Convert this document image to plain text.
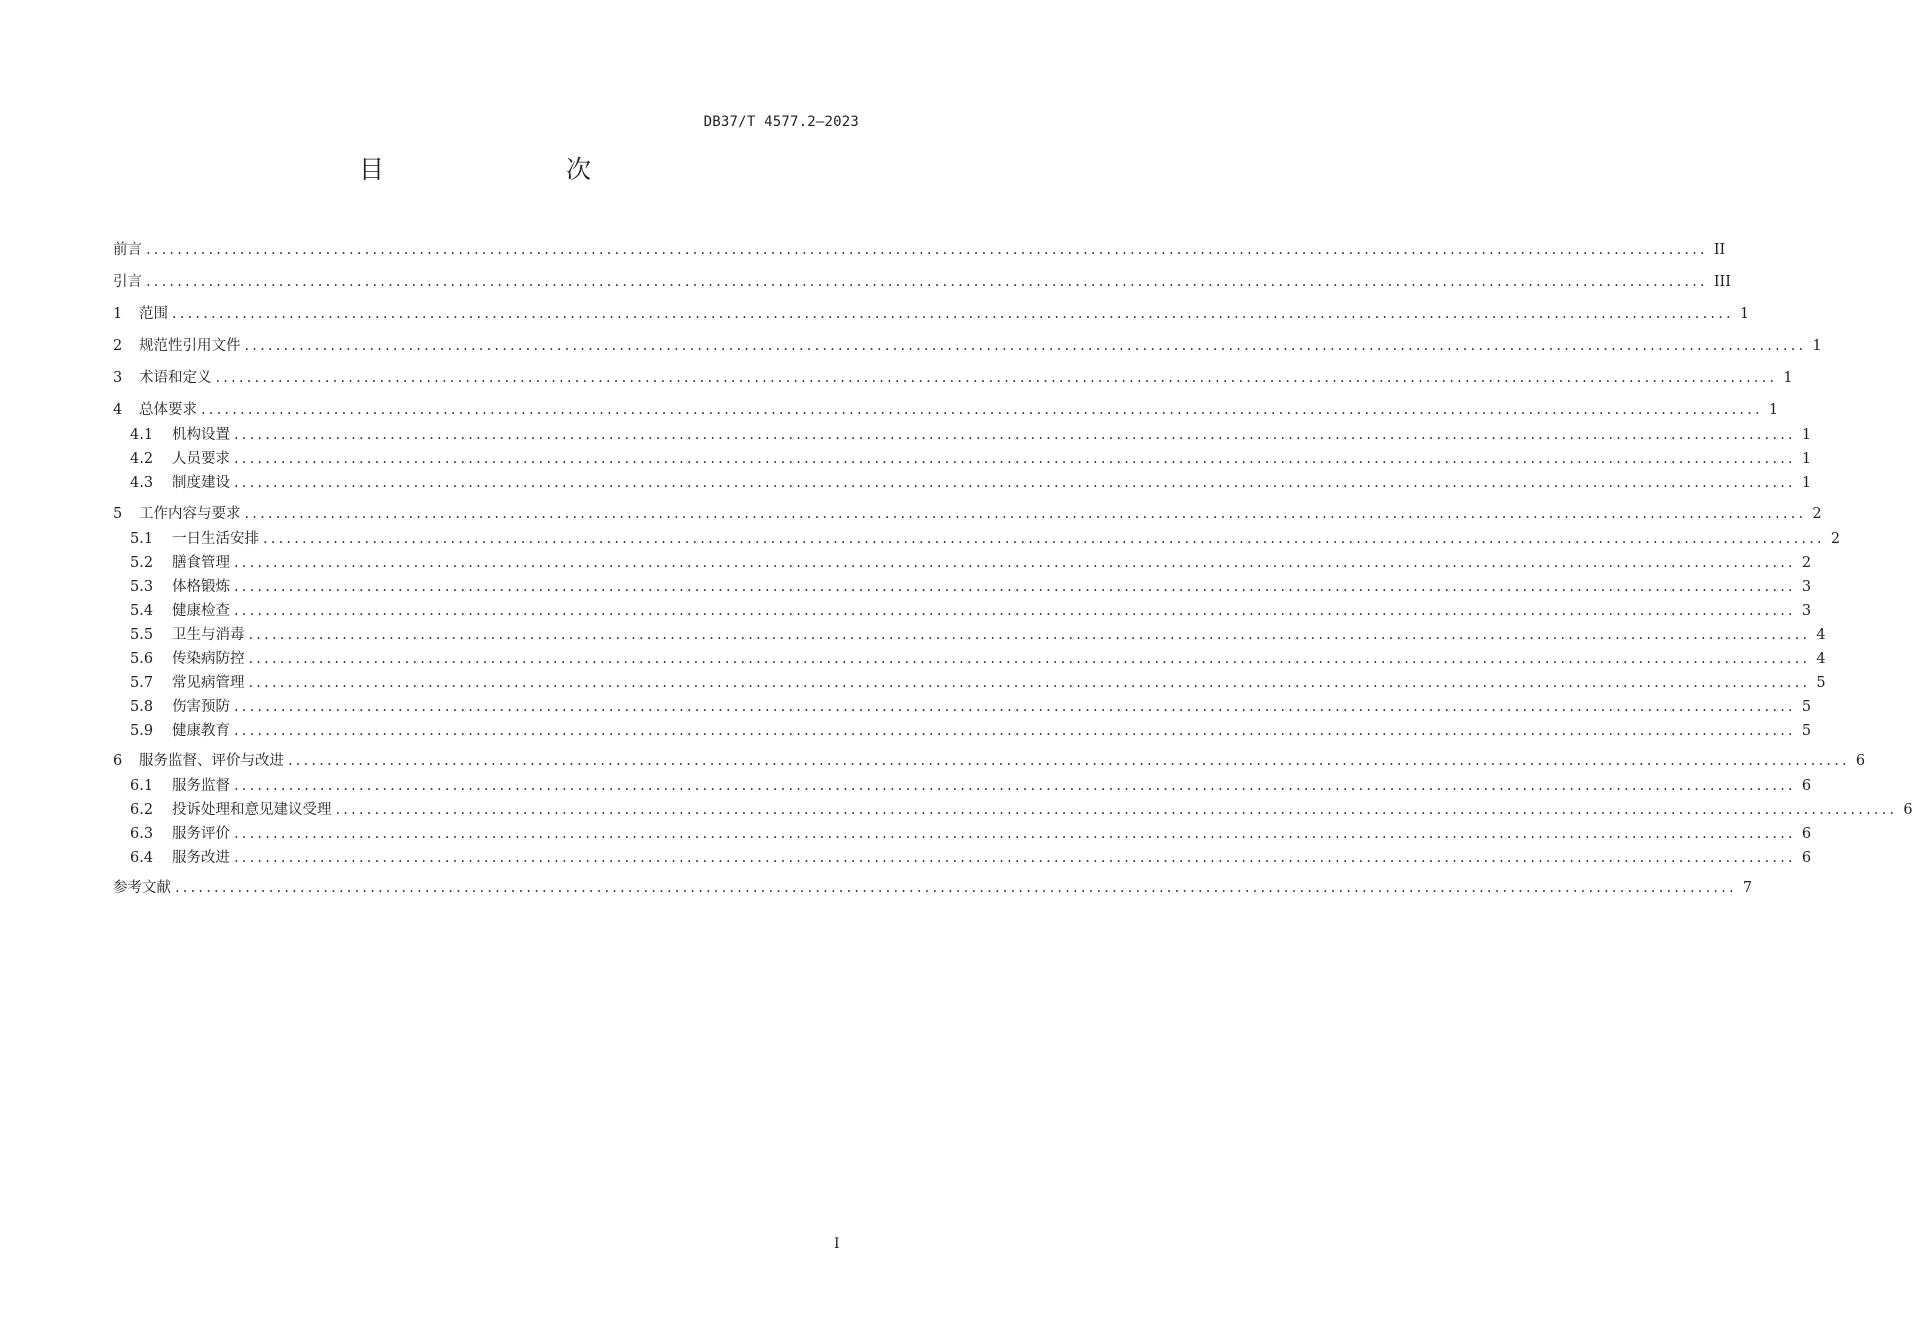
DB37/T 4577.2—2023
目　　次
前言 ........................................................................................................................................................................................................ II
引言 ........................................................................................................................................................................................................ III
1	范围 ........................................................................................................................................................................................................ 1
2	规范性引用文件 ........................................................................................................................................................................................................ 1
3	术语和定义 ........................................................................................................................................................................................................ 1
4	总体要求 ........................................................................................................................................................................................................ 1
4.1	机构设置 ........................................................................................................................................................................................................ 1
4.2	人员要求 ........................................................................................................................................................................................................ 1
4.3	制度建设 ........................................................................................................................................................................................................ 1
5	工作内容与要求 ........................................................................................................................................................................................................ 2
5.1	一日生活安排 ........................................................................................................................................................................................................ 2
5.2	膳食管理 ........................................................................................................................................................................................................ 2
5.3	体格锻炼 ........................................................................................................................................................................................................ 3
5.4	健康检查 ........................................................................................................................................................................................................ 3
5.5	卫生与消毒 ........................................................................................................................................................................................................ 4
5.6	传染病防控 ........................................................................................................................................................................................................ 4
5.7	常见病管理 ........................................................................................................................................................................................................ 5
5.8	伤害预防 ........................................................................................................................................................................................................ 5
5.9	健康教育 ........................................................................................................................................................................................................ 5
6	服务监督、评价与改进 ........................................................................................................................................................................................................ 6
6.1	服务监督 ........................................................................................................................................................................................................ 6
6.2	投诉处理和意见建议受理 ........................................................................................................................................................................................................ 6
6.3	服务评价 ........................................................................................................................................................................................................ 6
6.4	服务改进 ........................................................................................................................................................................................................ 6
参考文献 ........................................................................................................................................................................................................ 7
I
